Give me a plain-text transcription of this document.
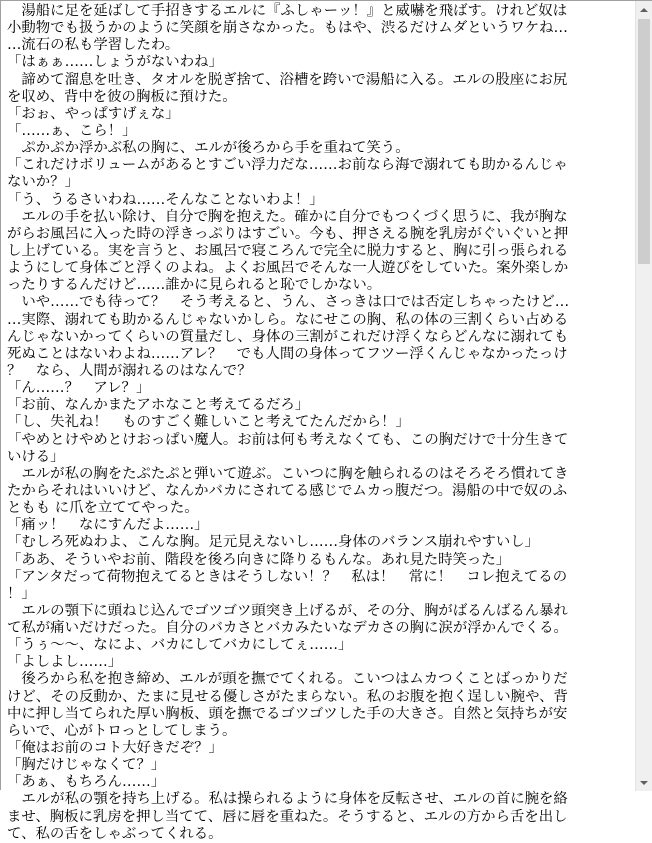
　湯船に足を延ばして手招きするエルに『ふしゃーッ！』と威嚇を飛ばす。けれど奴は
小動物でも扱うかのように笑顔を崩さなかった。もはや、渋るだけムダというワケね…
…流石の私も学習したわ。
「はぁぁ……しょうがないわね」
　諦めて溜息を吐き、タオルを脱ぎ捨て、浴槽を跨いで湯船に入る。エルの股座にお尻
を収め、背中を彼の胸板に預けた。
「おぉ、やっぱすげぇな」
「……ぁ、こら！」
　ぷかぷか浮かぶ私の胸に、エルが後ろから手を重ねて笑う。
「これだけボリュームがあるとすごい浮力だな……お前なら海で溺れても助かるんじゃ
ないか？」
「う、うるさいわね……そんなことないわよ！」
　エルの手を払い除け、自分で胸を抱えた。確かに自分でもつくづく思うに、我が胸な
がらお風呂に入った時の浮きっぷりはすごい。今も、押さえる腕を乳房がぐいぐいと押
し上げている。実を言うと、お風呂で寝ころんで完全に脱力すると、胸に引っ張られる
ようにして身体ごと浮くのよね。よくお風呂でそんな一人遊びをしていた。案外楽しか
ったりするんだけど……誰かに見られると恥でしかない。
　いや……でも待って？　そう考えると、うん、さっきは口では否定しちゃったけど…
…実際、溺れても助かるんじゃないかしら。なにせこの胸、私の体の三割くらい占める
んじゃないかってくらいの質量だし、身体の三割がこれだけ浮くならどんなに溺れても
死ぬことはないわよね……アレ？　でも人間の身体ってフツー浮くんじゃなかったっけ
？　なら、人間が溺れるのはなんで？
「ん……？　アレ？」
「お前、なんかまたアホなこと考えてるだろ」
「し、失礼ね！　ものすごく難しいこと考えてたんだから！」
「やめとけやめとけおっぱい魔人。お前は何も考えなくても、この胸だけで十分生きて
いける」
　エルが私の胸をたぷたぷと弾いて遊ぶ。こいつに胸を触られるのはそろそろ慣れてき
たからそれはいいけど、なんかバカにされてる感じでムカっ腹だつ。湯船の中で奴のふ
ともも に爪を立ててやった。
「痛ッ！　なにすんだよ……」
「むしろ死ぬわよ、こんな胸。足元見えないし……身体のバランス崩れやすいし」
「ああ、そういやお前、階段を後ろ向きに降りるもんな。あれ見た時笑った」
「アンタだって荷物抱えてるときはそうしない！？　私は！　常に！　コレ抱えてるの
！」
　エルの顎下に頭ねじ込んでゴツゴツ頭突き上げるが、その分、胸がばるんばるん暴れ
て私が痛いだけだった。自分のバカさとバカみたいなデカさの胸に涙が浮かんでくる。
「うぅ～～、なによ、バカにしてバカにしてぇ……」
「よしよし……」
　後ろから私を抱き締め、エルが頭を撫でてくれる。こいつはムカつくことばっかりだ
けど、その反動か、たまに見せる優しさがたまらない。私のお腹を抱く逞しい腕や、背
中に押し当てられた厚い胸板、頭を撫でるゴツゴツした手の大きさ。自然と気持ちが安
らいで、心がトロっとしてしまう。
「俺はお前のコト大好きだぞ？」
「胸だけじゃなくて？」
「あぁ、もちろん……」
　エルが私の顎を持ち上げる。私は操られるように身体を反転させ、エルの首に腕を絡
ませ、胸板に乳房を押し当てて、唇に唇を重ねた。そうすると、エルの方から舌を出し
て、私の舌をしゃぶってくれる。
